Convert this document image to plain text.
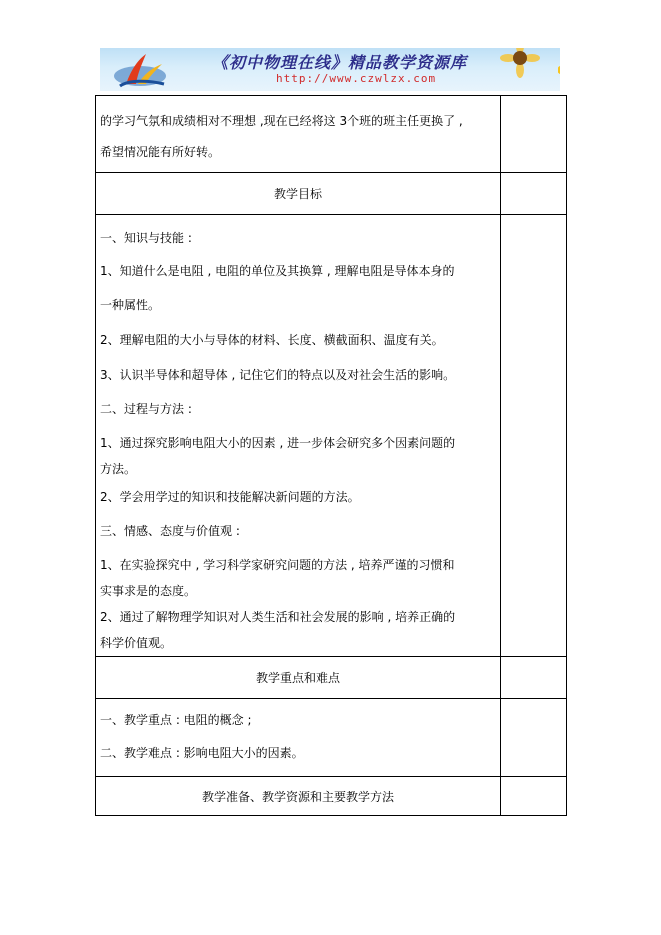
《初中物理在线》精品教学资源库
http://www.czwlzx.com
的学习气氛和成绩相对不理想 ,现在已经将这 3个班的班主任更换了 ,
希望情况能有所好转。
教学目标
一、知识与技能 :
1、知道什么是电阻 , 电阻的单位及其换算 , 理解电阻是导体本身的
一种属性。
2、理解电阻的大小与导体的材料、长度、横截面积、温度有关。
3、认识半导体和超导体 , 记住它们的特点以及对社会生活的影响。
二、过程与方法 :
1、通过探究影响电阻大小的因素 , 进一步体会研究多个因素问题的
方法。
2、学会用学过的知识和技能解决新问题的方法。
三、情感、态度与价值观 :
1、在实验探究中 , 学习科学家研究问题的方法 , 培养严谨的习惯和
实事求是的态度。
2、通过了解物理学知识对人类生活和社会发展的影响 , 培养正确的
科学价值观。
教学重点和难点
一、教学重点 : 电阻的概念 ;
二、教学难点 : 影响电阻大小的因素。
教学准备、教学资源和主要教学方法
